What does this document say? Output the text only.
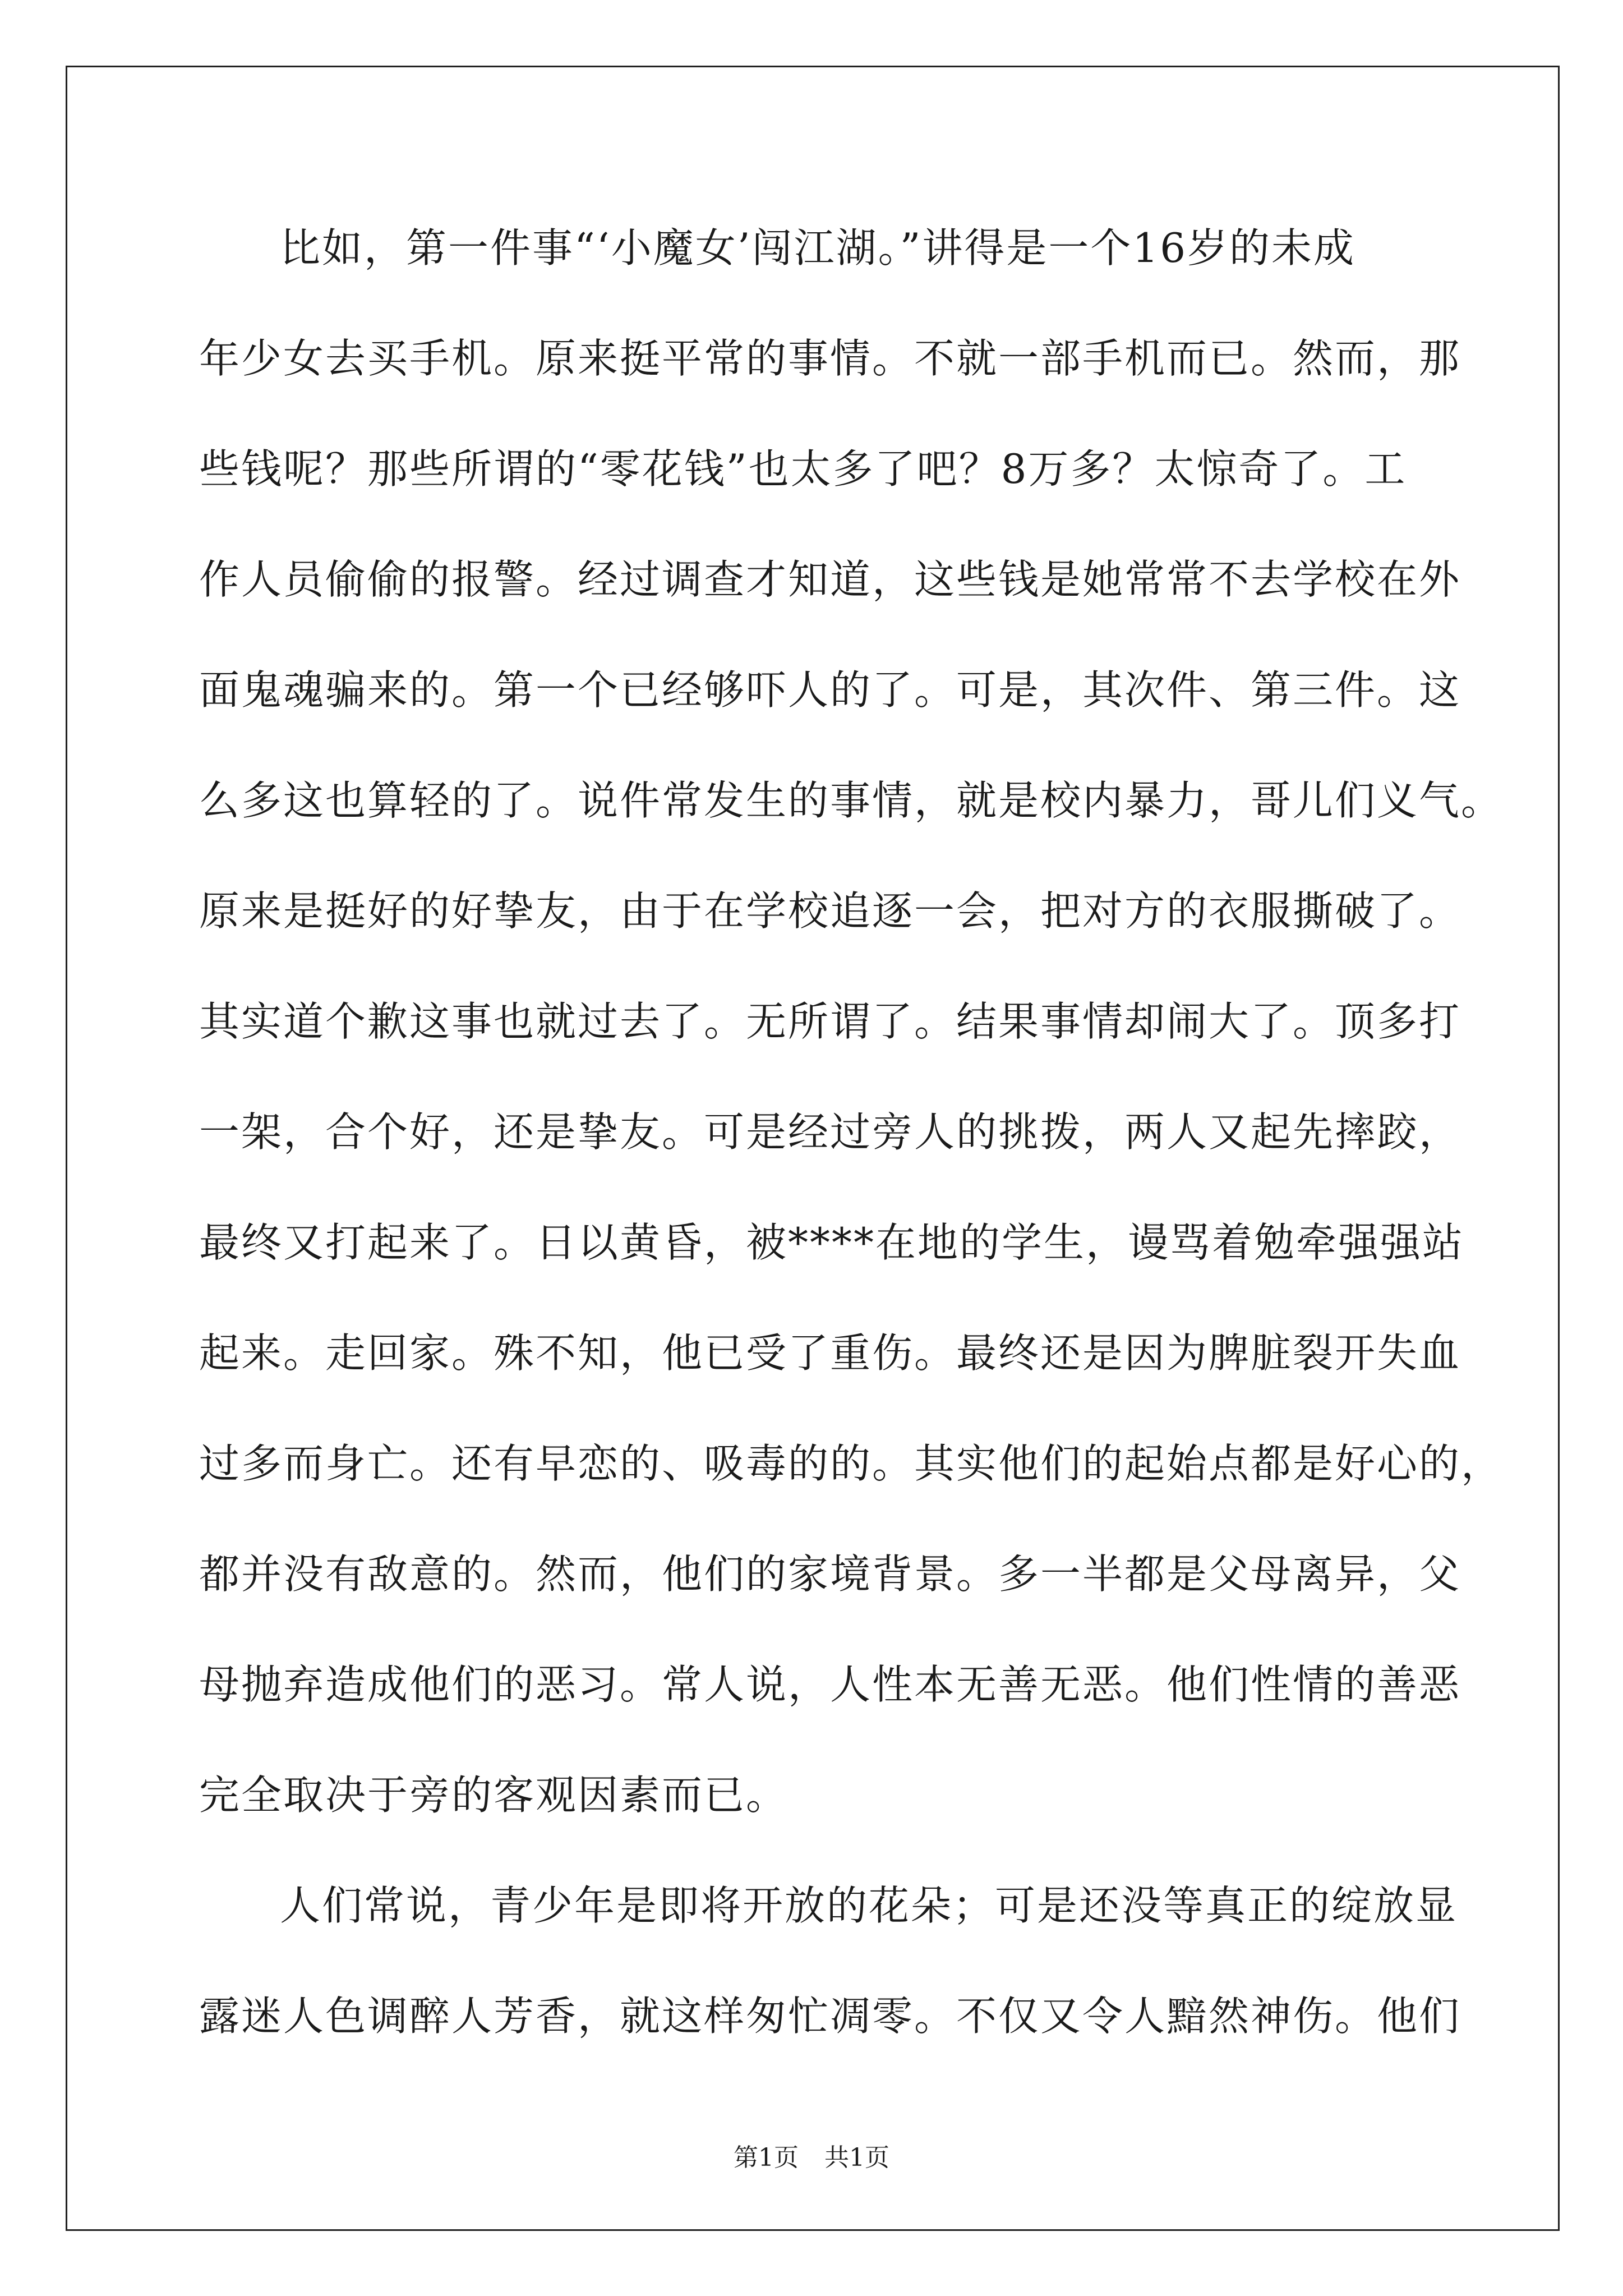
比如，第一件事“‘小魔女’闯江湖。”讲得是一个16岁的未成
年少女去买手机。原来挺平常的事情。不就一部手机而已。然而，那
些钱呢？那些所谓的“零花钱”也太多了吧？8万多？太惊奇了。工
作人员偷偷的报警。经过调查才知道，这些钱是她常常不去学校在外
面鬼魂骗来的。第一个已经够吓人的了。可是，其次件、第三件。这
么多这也算轻的了。说件常发生的事情，就是校内暴力，哥儿们义气。
原来是挺好的好挚友，由于在学校追逐一会，把对方的衣服撕破了。
其实道个歉这事也就过去了。无所谓了。结果事情却闹大了。顶多打
一架，合个好，还是挚友。可是经过旁人的挑拨，两人又起先摔跤，
最终又打起来了。日以黄昏，被****在地的学生，谩骂着勉牵强强站
起来。走回家。殊不知，他已受了重伤。最终还是因为脾脏裂开失血
过多而身亡。还有早恋的、吸毒的的。其实他们的起始点都是好心的，
都并没有敌意的。然而，他们的家境背景。多一半都是父母离异，父
母抛弃造成他们的恶习。常人说，人性本无善无恶。他们性情的善恶
完全取决于旁的客观因素而已。
人们常说，青少年是即将开放的花朵；可是还没等真正的绽放显
露迷人色调醉人芳香，就这样匆忙凋零。不仅又令人黯然神伤。他们
第1页 共1页
